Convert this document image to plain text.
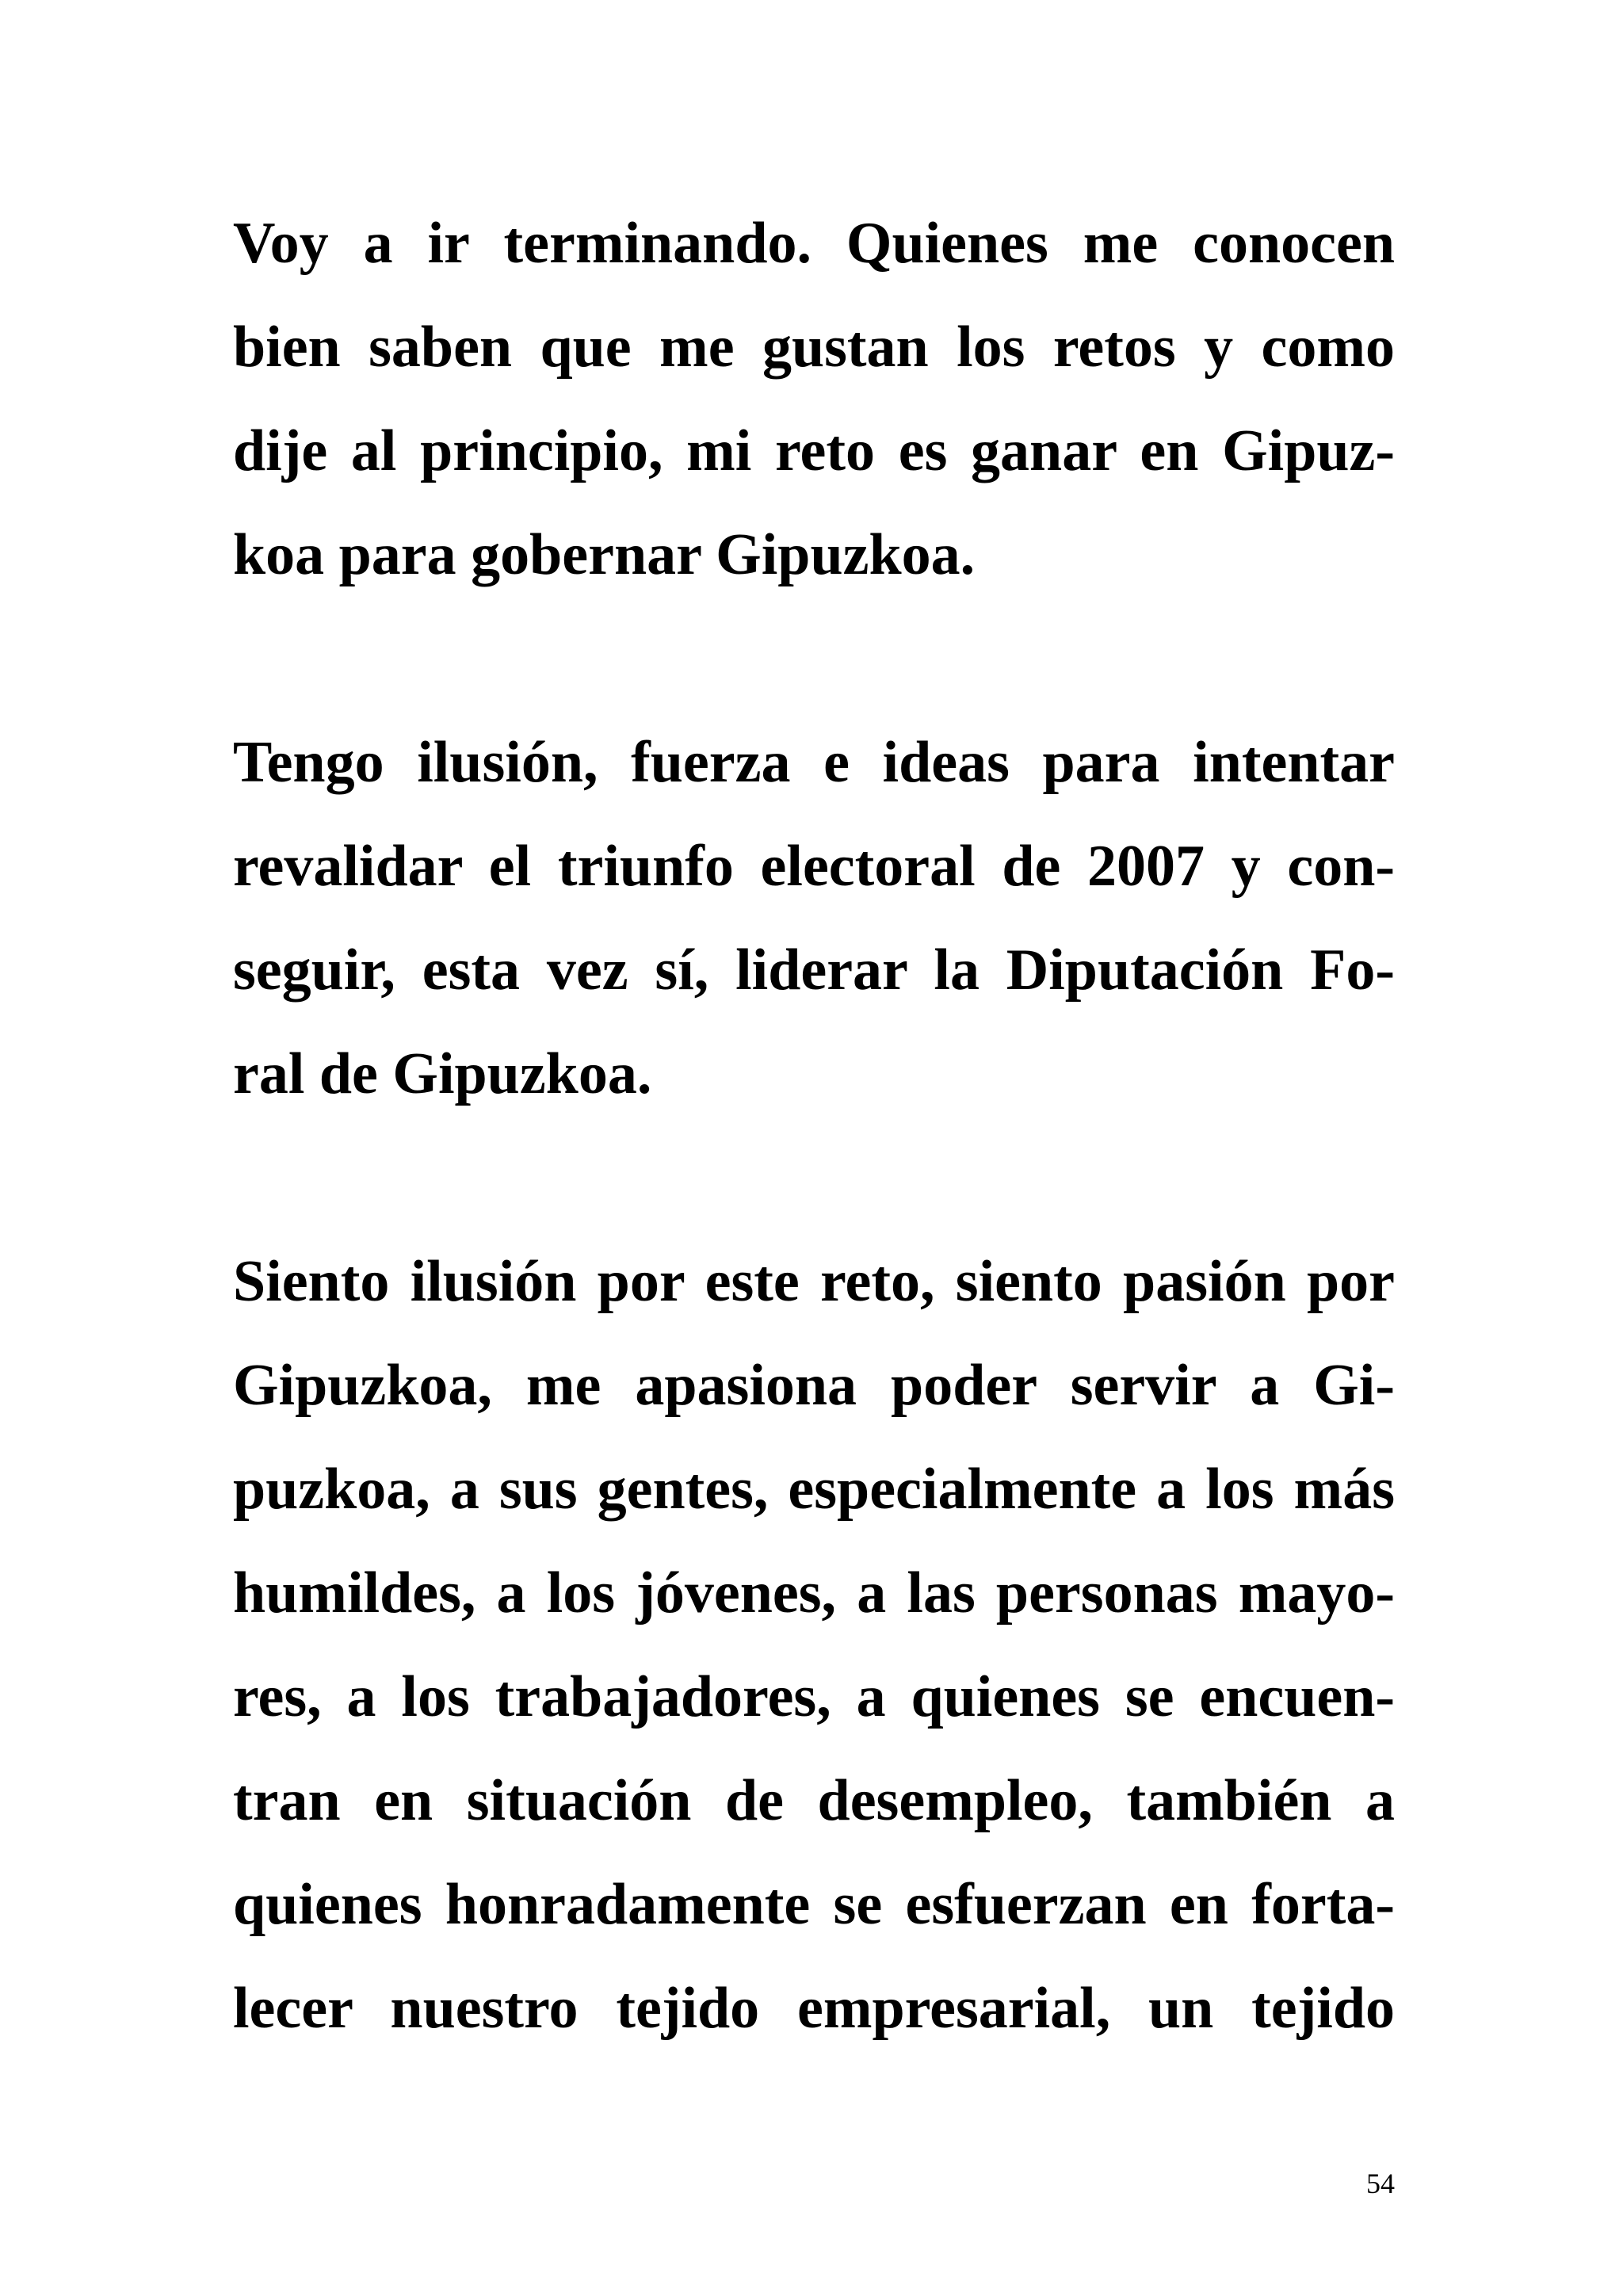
Voy a ir terminando. Quienes me conocen
bien saben que me gustan los retos y como
dije al principio, mi reto es ganar en Gipuz-
koa para gobernar Gipuzkoa.
Tengo ilusión, fuerza e ideas para intentar
revalidar el triunfo electoral de 2007 y con-
seguir, esta vez sí, liderar la Diputación Fo-
ral de Gipuzkoa.
Siento ilusión por este reto, siento pasión por
Gipuzkoa, me apasiona poder servir a Gi-
puzkoa, a sus gentes, especialmente a los más
humildes, a los jóvenes, a las personas mayo-
res, a los trabajadores, a quienes se encuen-
tran en situación de desempleo, también a
quienes honradamente se esfuerzan en forta-
lecer nuestro tejido empresarial, un tejido
54
